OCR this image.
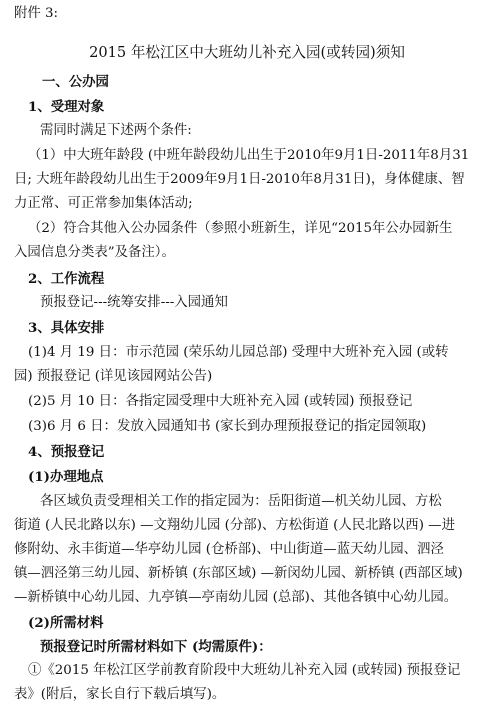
附件 3:
2015 年松江区中大班幼儿补充入园(或转园)须知
一、公办园
1、受理对象
需同时满足下述两个条件:
（1）中大班年龄段 (中班年龄段幼儿出生于2010年9月1日-2011年8月31
日; 大班年龄段幼儿出生于2009年9月1日-2010年8月31日)，身体健康、智
力正常、可正常参加集体活动;
（2）符合其他入公办园条件（参照小班新生，详见“2015年公办园新生
入园信息分类表”及备注）。
2、工作流程
预报登记---统筹安排---入园通知
3、具体安排
(1)4 月 19 日：市示范园 (荣乐幼儿园总部) 受理中大班补充入园 (或转
园) 预报登记 (详见该园网站公告)
(2)5 月 10 日：各指定园受理中大班补充入园 (或转园) 预报登记
(3)6 月 6 日：发放入园通知书 (家长到办理预报登记的指定园领取)
4、预报登记
(1)办理地点
各区域负责受理相关工作的指定园为：岳阳街道—机关幼儿园、方松
街道 (人民北路以东) —文翔幼儿园 (分部)、方松街道 (人民北路以西) —进
修附幼、永丰街道—华亭幼儿园 (仓桥部)、中山街道—蓝天幼儿园、泗泾
镇—泗泾第三幼儿园、新桥镇 (东部区域) —新闵幼儿园、新桥镇 (西部区域)
—新桥镇中心幼儿园、九亭镇—亭南幼儿园 (总部)、其他各镇中心幼儿园。
(2)所需材料
预报登记时所需材料如下 (均需原件)：
①《2015 年松江区学前教育阶段中大班幼儿补充入园 (或转园) 预报登记
表》(附后，家长自行下载后填写)。
